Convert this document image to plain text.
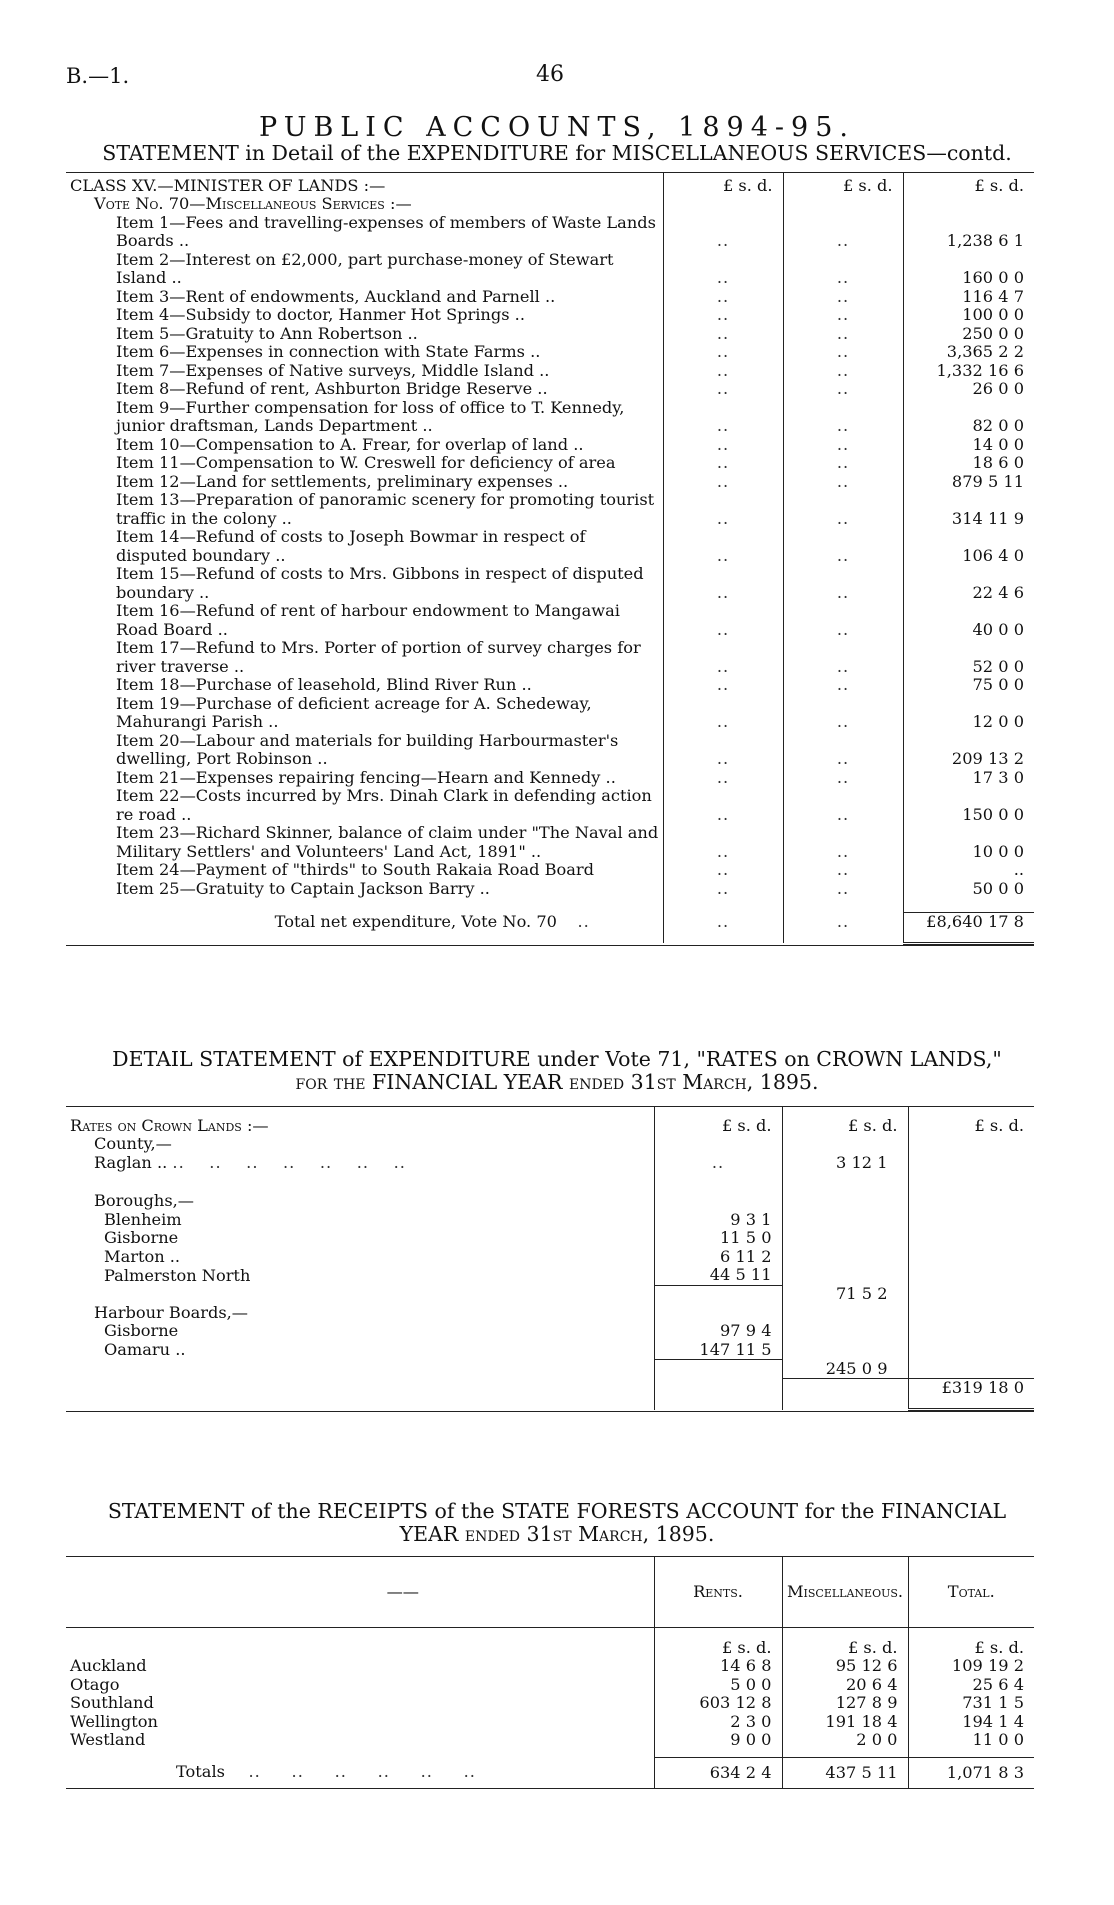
B.—1.	46
PUBLIC ACCOUNTS, 1894-95.
STATEMENT in Detail of the EXPENDITURE for MISCELLANEOUS SERVICES—contd.
CLASS XV.—MINISTER OF LANDS :—	£ s. d.	£ s. d.	£ s. d.
Vote No. 70—Miscellaneous Services :—			
Item 1—Fees and travelling-expenses of members of Waste Lands Boards ..	..	..	1,238 6 1
Item 2—Interest on £2,000, part purchase-money of Stewart Island ..	..	..	160 0 0
Item 3—Rent of endowments, Auckland and Parnell ..	..	..	116 4 7
Item 4—Subsidy to doctor, Hanmer Hot Springs ..	..	..	100 0 0
Item 5—Gratuity to Ann Robertson ..	..	..	250 0 0
Item 6—Expenses in connection with State Farms ..	..	..	3,365 2 2
Item 7—Expenses of Native surveys, Middle Island ..	..	..	1,332 16 6
Item 8—Refund of rent, Ashburton Bridge Reserve ..	..	..	26 0 0
Item 9—Further compensation for loss of office to T. Kennedy, junior draftsman, Lands Department ..	..	..	82 0 0
Item 10—Compensation to A. Frear, for overlap of land ..	..	..	14 0 0
Item 11—Compensation to W. Creswell for deficiency of area	..	..	18 6 0
Item 12—Land for settlements, preliminary expenses ..	..	..	879 5 11
Item 13—Preparation of panoramic scenery for promoting tourist traffic in the colony ..	..	..	314 11 9
Item 14—Refund of costs to Joseph Bowmar in respect of disputed boundary ..	..	..	106 4 0
Item 15—Refund of costs to Mrs. Gibbons in respect of disputed boundary ..	..	..	22 4 6
Item 16—Refund of rent of harbour endowment to Mangawai Road Board ..	..	..	40 0 0
Item 17—Refund to Mrs. Porter of portion of survey charges for river traverse ..	..	..	52 0 0
Item 18—Purchase of leasehold, Blind River Run ..	..	..	75 0 0
Item 19—Purchase of deficient acreage for A. Schedeway, Mahurangi Parish ..	..	..	12 0 0
Item 20—Labour and materials for building Harbourmaster's dwelling, Port Robinson ..	..	..	209 13 2
Item 21—Expenses repairing fencing—Hearn and Kennedy ..	..	..	17 3 0
Item 22—Costs incurred by Mrs. Dinah Clark in defending action re road ..	..	..	150 0 0
Item 23—Richard Skinner, balance of claim under "The Naval and Military Settlers' and Volunteers' Land Act, 1891" ..	..	..	10 0 0
Item 24—Payment of "thirds" to South Rakaia Road Board	..	..	..
Item 25—Gratuity to Captain Jackson Barry ..	..	..	50 0 0

Total net expenditure, Vote No. 70 ..	..	..	£8,640 17 8

DETAIL STATEMENT of EXPENDITURE under Vote 71, "RATES on CROWN LANDS,"
for the FINANCIAL YEAR ended 31st March, 1895.
Rates on Crown Lands :—	£ s. d.	£ s. d.	£ s. d.
County,—			
Raglan .. ..    ..    ..    ..    ..    ..    ..	..	3 12 1	

Boroughs,—			
Blenheim	9 3 1		
Gisborne	11 5 0		
Marton ..	6 11 2		
Palmerston North	44 5 11		
		71 5 2	
Harbour Boards,—			
Gisborne	97 9 4		
Oamaru ..	147 11 5		
		245 0 9	
			£319 18 0

STATEMENT of the RECEIPTS of the STATE FORESTS ACCOUNT for the FINANCIAL
YEAR ended 31st March, 1895.
——	Rents.	Miscellaneous.	Total.
	£ s. d.	£ s. d.	£ s. d.
Auckland	14 6 8	95 12 6	109 19 2
Otago	5 0 0	20 6 4	25 6 4
Southland	603 12 8	127 8 9	731 1 5
Wellington	2 3 0	191 18 4	194 1 4
Westland	9 0 0	2 0 0	11 0 0

Totals    ..     ..     ..     ..     ..     ..	634 2 4	437 5 11	1,071 8 3
